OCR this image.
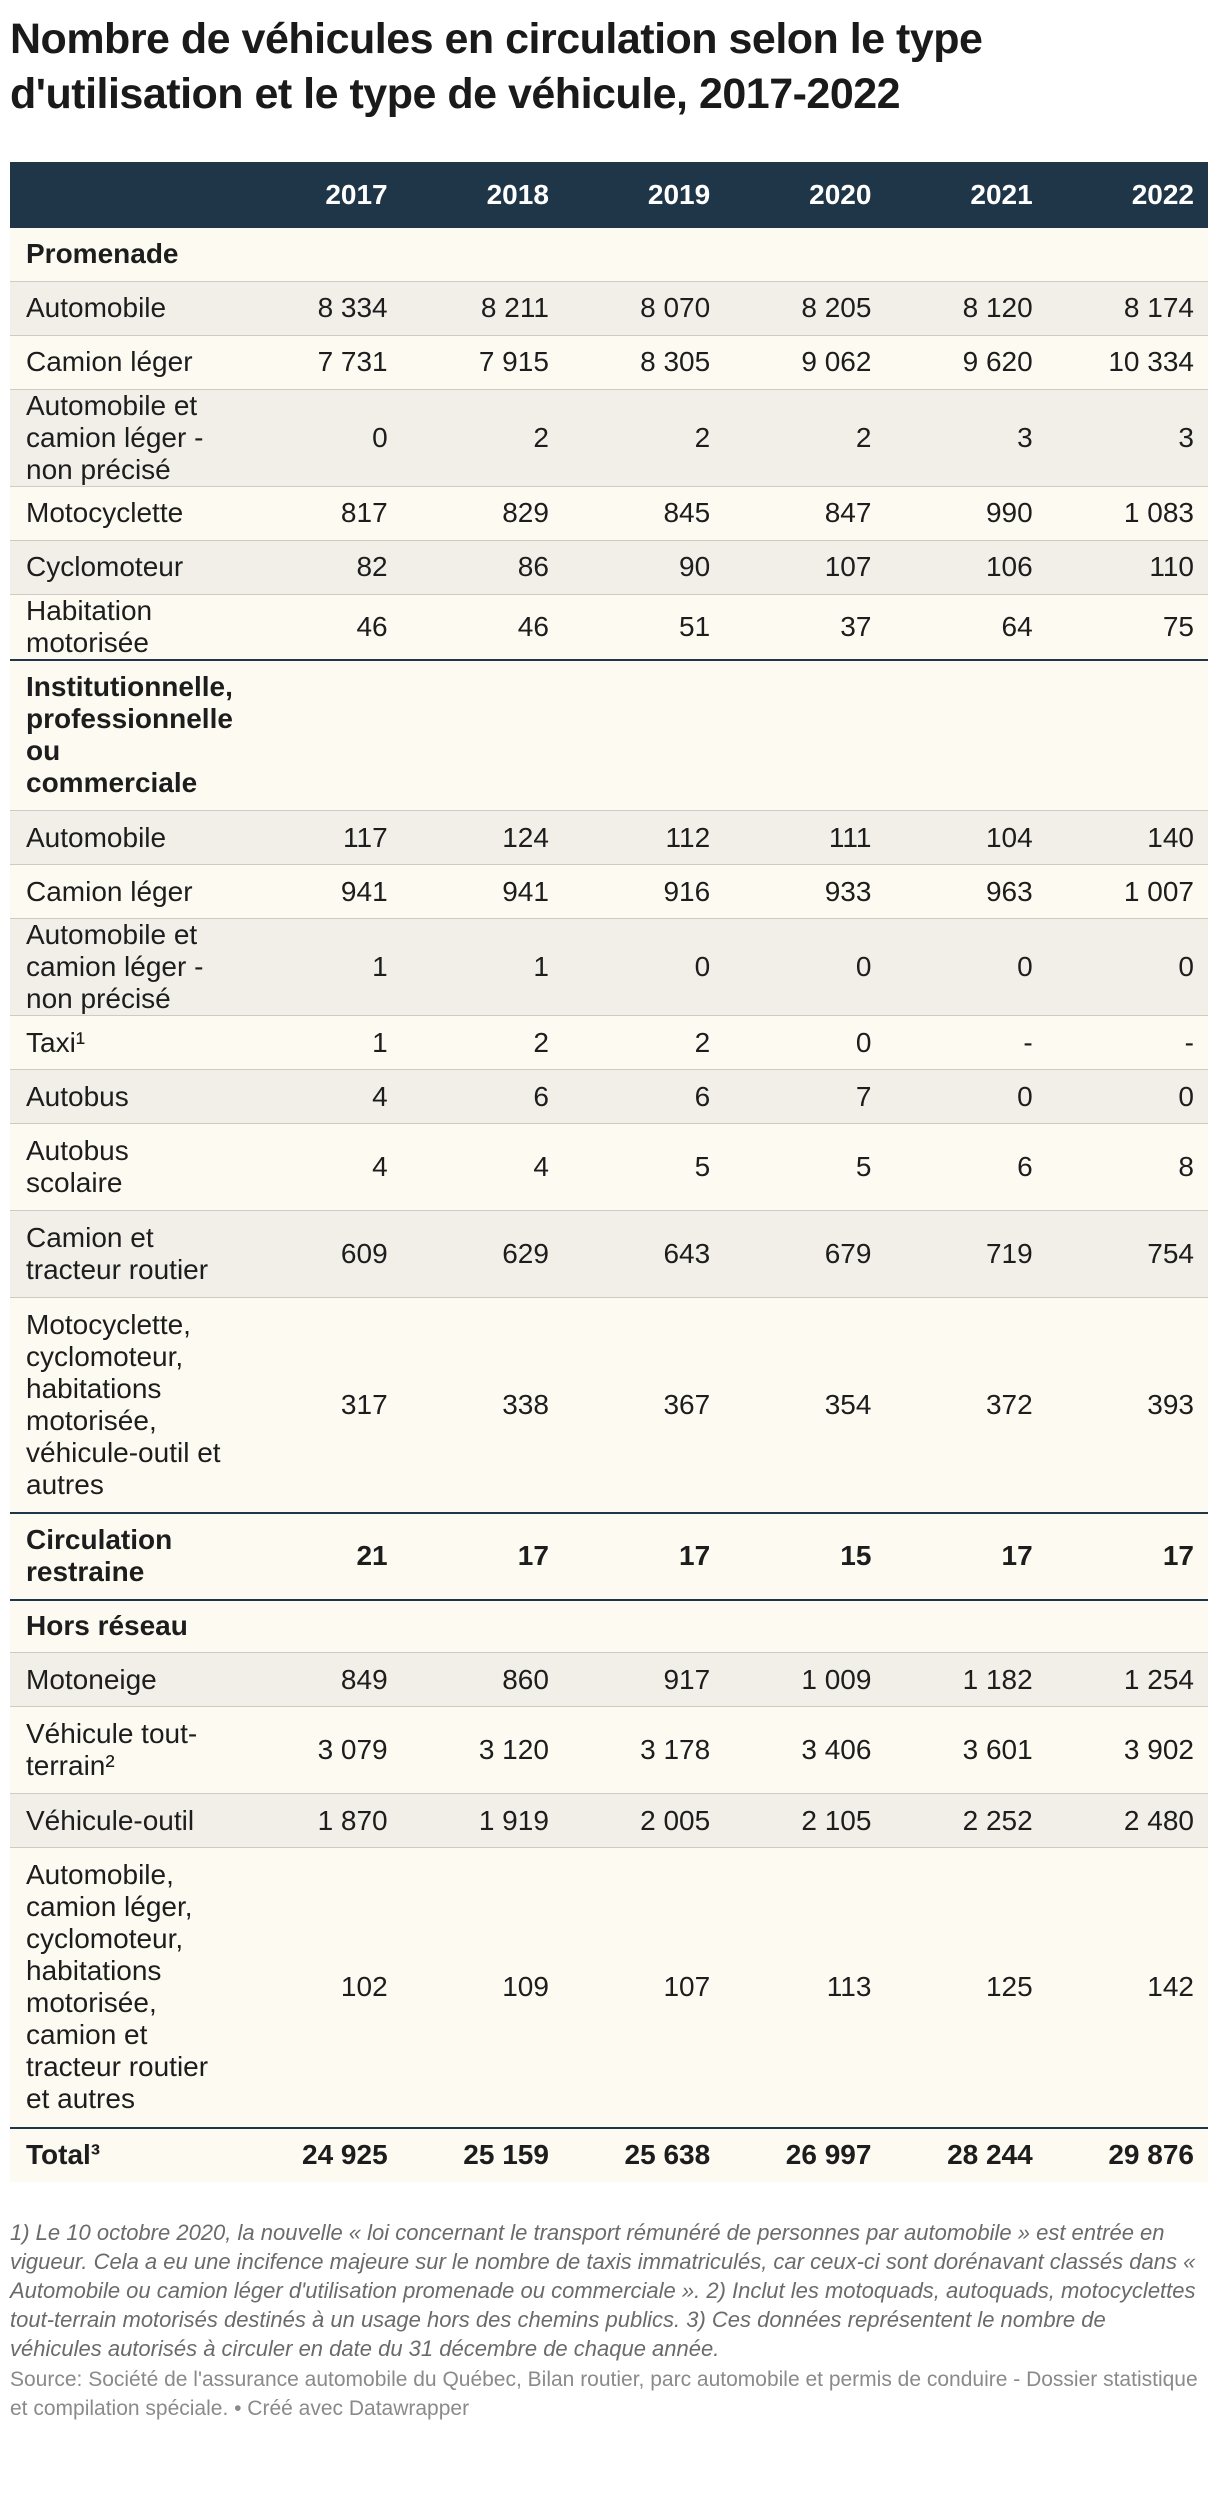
Nombre de véhicules en circulation selon le type d'utilisation et le type de véhicule, 2017-2022
	2017	2018	2019	2020	2021	2022
Promenade						
Automobile	8 334	8 211	8 070	8 205	8 120	8 174
Camion léger	7 731	7 915	8 305	9 062	9 620	10 334
Automobile et camion léger - non précisé	0	2	2	2	3	3
Motocyclette	817	829	845	847	990	1 083
Cyclomoteur	82	86	90	107	106	110
Habitation motorisée	46	46	51	37	64	75
Institutionnelle, professionnelle ou commerciale						
Automobile	117	124	112	111	104	140
Camion léger	941	941	916	933	963	1 007
Automobile et camion léger - non précisé	1	1	0	0	0	0
Taxi¹	1	2	2	0	-	-
Autobus	4	6	6	7	0	0
Autobus scolaire	4	4	5	5	6	8
Camion et tracteur routier	609	629	643	679	719	754
Motocyclette, cyclomoteur, habitations motorisée, véhicule-outil et autres	317	338	367	354	372	393
Circulation restraine	21	17	17	15	17	17
Hors réseau						
Motoneige	849	860	917	1 009	1 182	1 254
Véhicule tout-terrain²	3 079	3 120	3 178	3 406	3 601	3 902
Véhicule-outil	1 870	1 919	2 005	2 105	2 252	2 480
Automobile, camion léger, cyclomoteur, habitations motorisée, camion et tracteur routier et autres	102	109	107	113	125	142
Total³	24 925	25 159	25 638	26 997	28 244	29 876
1) Le 10 octobre 2020, la nouvelle « loi concernant le transport rémunéré de personnes par automobile » est entrée en vigueur. Cela a eu une incifence majeure sur le nombre de taxis immatriculés, car ceux-ci sont dorénavant classés dans « Automobile ou camion léger d'utilisation promenade ou commerciale ». 2) Inclut les motoquads, autoquads, motocyclettes tout-terrain motorisés destinés à un usage hors des chemins publics. 3) Ces données représentent le nombre de véhicules autorisés à circuler en date du 31 décembre de chaque année.
Source: Société de l'assurance automobile du Québec, Bilan routier, parc automobile et permis de conduire - Dossier statistique et compilation spéciale. • Créé avec Datawrapper
